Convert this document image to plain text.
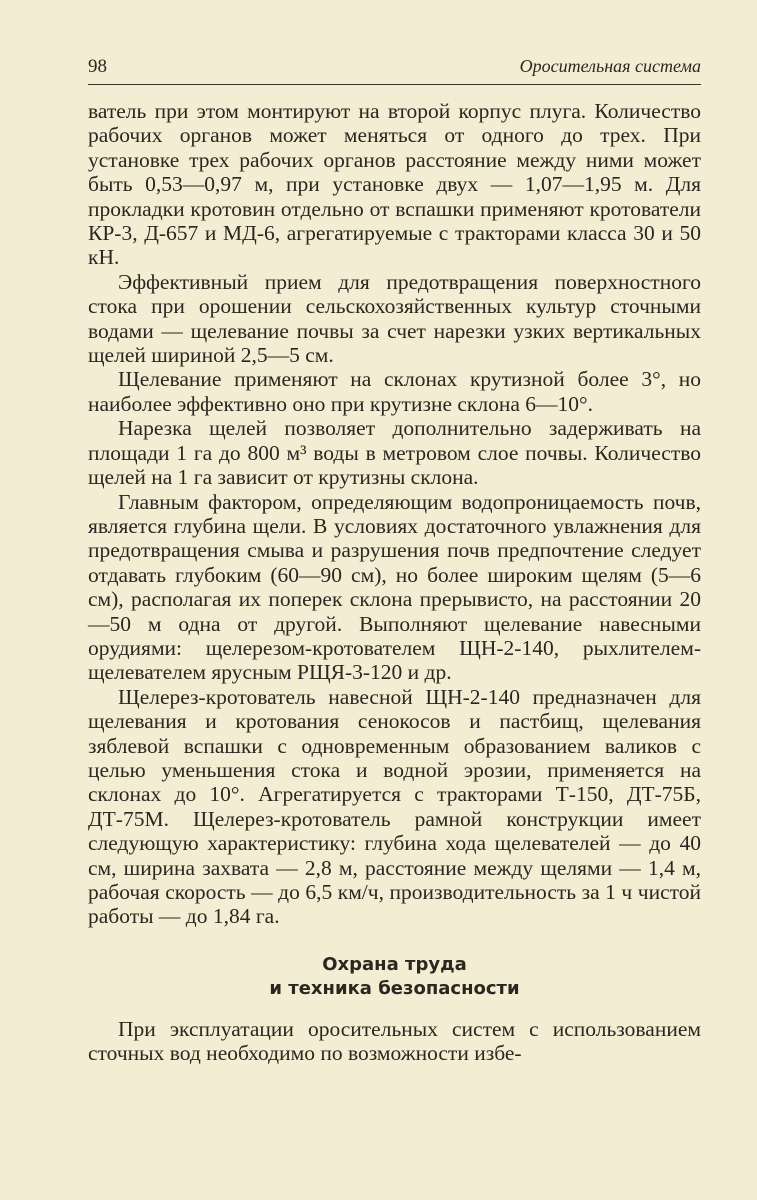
98	Оросительная система

ватель при этом монтируют на второй корпус плуга. Количество рабочих органов может меняться от одного до трех. При установке трех рабочих органов расстояние между ними может быть 0,53—0,97 м, при установке двух — 1,07—1,95 м. Для прокладки кротовин отдельно от вспашки применяют кротователи КР-3, Д-657 и МД-6, агрегатируемые с тракторами класса 30 и 50 кН.

Эффективный прием для предотвращения поверхностного стока при орошении сельскохозяйственных культур сточными водами — щелевание почвы за счет нарезки узких вертикальных щелей шириной 2,5—5 см.

Щелевание применяют на склонах крутизной более 3°, но наиболее эффективно оно при крутизне склона 6—10°.

Нарезка щелей позволяет дополнительно задерживать на площади 1 га до 800 м³ воды в метровом слое почвы. Количество щелей на 1 га зависит от крутизны склона.

Главным фактором, определяющим водопроницаемость почв, является глубина щели. В условиях достаточного увлажнения для предотвращения смыва и разрушения почв предпочтение следует отдавать глубоким (60—90 см), но более широким щелям (5—6 см), располагая их поперек склона прерывисто, на расстоянии 20—50 м одна от другой. Выполняют щелевание навесными орудиями: щелерезом-кротователем ЩН-2-140, рыхлителем-щелевателем ярусным РЩЯ-3-120 и др.

Щелерез-кротователь навесной ЩН-2-140 предназначен для щелевания и кротования сенокосов и пастбищ, щелевания зяблевой вспашки с одновременным образованием валиков с целью уменьшения стока и водной эрозии, применяется на склонах до 10°. Агрегатируется с тракторами Т-150, ДТ-75Б, ДТ-75М. Щелерез-кротователь рамной конструкции имеет следующую характеристику: глубина хода щелевателей — до 40 см, ширина захвата — 2,8 м, расстояние между щелями — 1,4 м, рабочая скорость — до 6,5 км/ч, производительность за 1 ч чистой работы — до 1,84 га.

Охрана труда
и техника безопасности

При эксплуатации оросительных систем с использованием сточных вод необходимо по возможности избе-
